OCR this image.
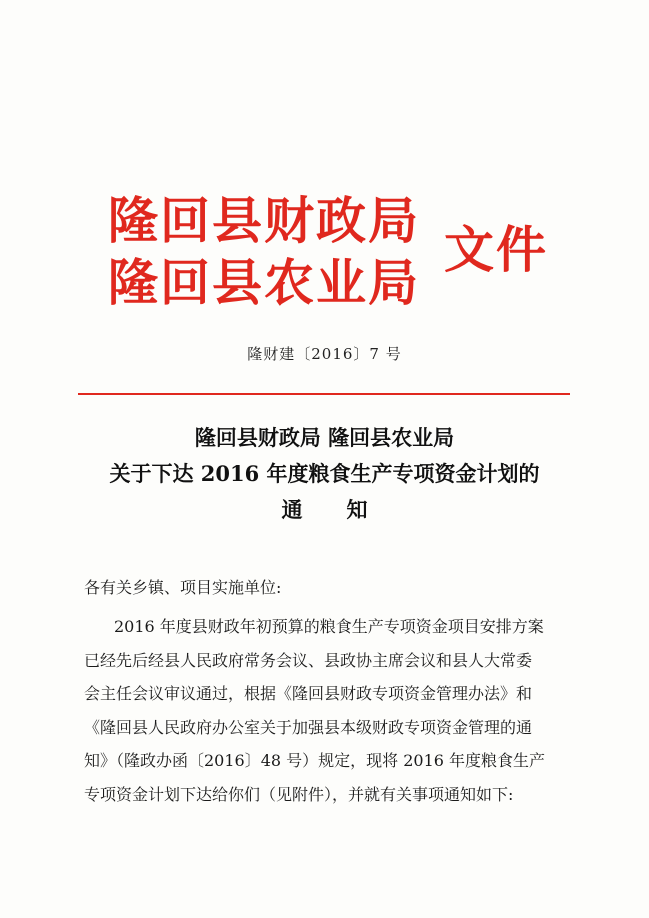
隆回县财政局
隆回县农业局
文件
隆财建〔2016〕7 号
隆回县财政局 隆回县农业局
关于下达 2016 年度粮食生产专项资金计划的
通知
各有关乡镇、项目实施单位:
2016 年度县财政年初预算的粮食生产专项资金项目安排方案
已经先后经县人民政府常务会议、县政协主席会议和县人大常委
会主任会议审议通过，根据《隆回县财政专项资金管理办法》和
《隆回县人民政府办公室关于加强县本级财政专项资金管理的通
知》（隆政办函〔2016〕48 号）规定，现将 2016 年度粮食生产
专项资金计划下达给你们（见附件），并就有关事项通知如下:
